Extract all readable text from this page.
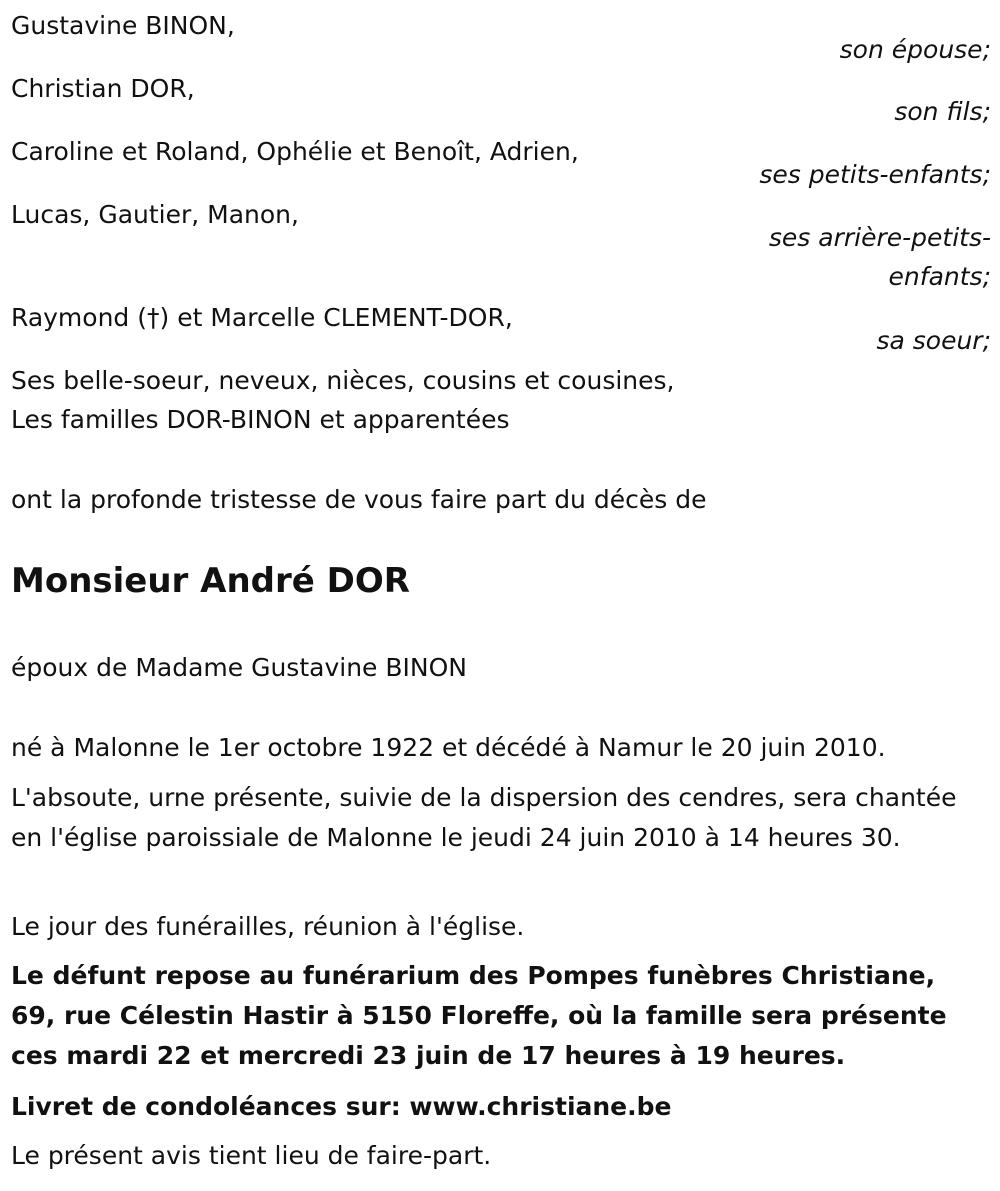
Gustavine BINON,
son épouse;
Christian DOR,
son fils;
Caroline et Roland, Ophélie et Benoît, Adrien,
ses petits-enfants;
Lucas, Gautier, Manon,
ses arrière-petits-
enfants;
Raymond (†) et Marcelle CLEMENT-DOR,
sa soeur;
Ses belle-soeur, neveux, nièces, cousins et cousines,
Les familles DOR-BINON et apparentées
ont la profonde tristesse de vous faire part du décès de
Monsieur André DOR
époux de Madame Gustavine BINON
né à Malonne le 1er octobre 1922 et décédé à Namur le 20 juin 2010.
L'absoute, urne présente, suivie de la dispersion des cendres, sera chantée en l'église paroissiale de Malonne le jeudi 24 juin 2010 à 14 heures 30.
Le jour des funérailles, réunion à l'église.
Le défunt repose au funérarium des Pompes funèbres Christiane, 69, rue Célestin Hastir à 5150 Floreffe, où la famille sera présente ces mardi 22 et mercredi 23 juin de 17 heures à 19 heures.
Livret de condoléances sur: www.christiane.be
Le présent avis tient lieu de faire-part.
